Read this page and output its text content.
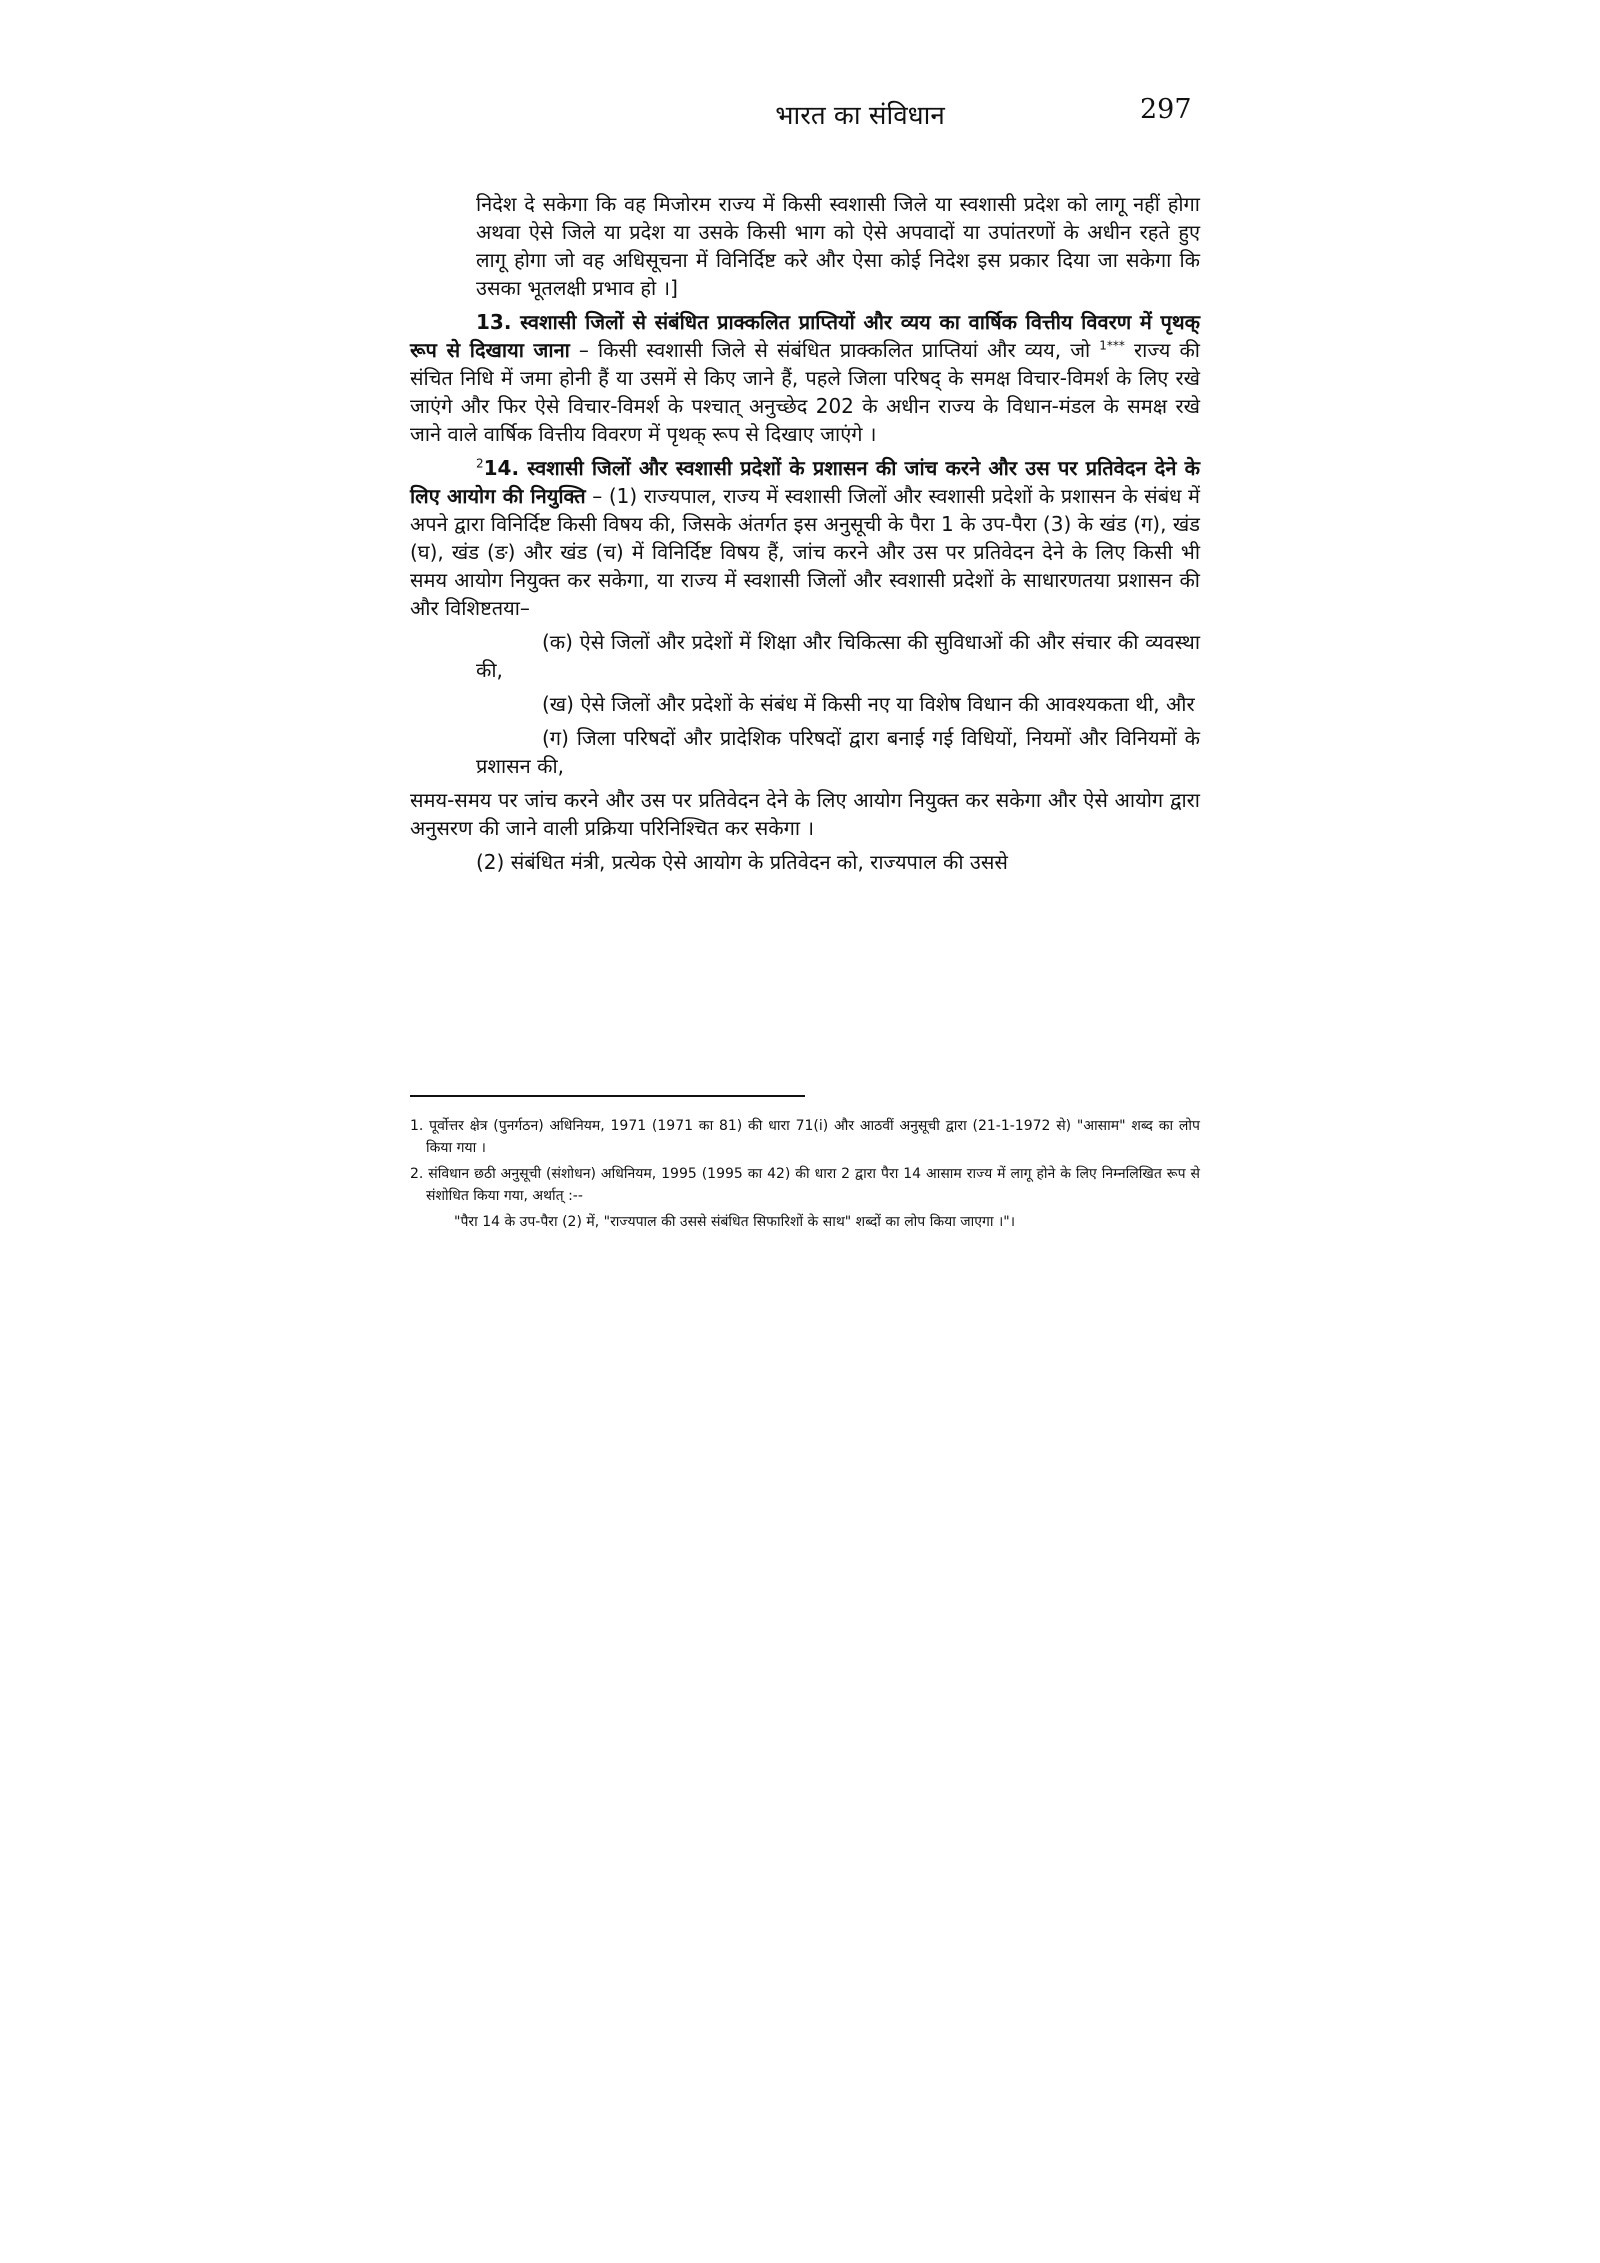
भारत का संविधान	297

निदेश दे सकेगा कि वह मिजोरम राज्य में किसी स्वशासी जिले या स्वशासी प्रदेश को लागू नहीं होगा अथवा ऐसे जिले या प्रदेश या उसके किसी भाग को ऐसे अपवादों या उपांतरणों के अधीन रहते हुए लागू होगा जो वह अधिसूचना में विनिर्दिष्ट करे और ऐसा कोई निदेश इस प्रकार दिया जा सकेगा कि उसका भूतलक्षी प्रभाव हो ।]

13. स्वशासी जिलों से संबंधित प्राक्कलित प्राप्तियों और व्यय का वार्षिक वित्तीय विवरण में पृथक् रूप से दिखाया जाना – किसी स्वशासी जिले से संबंधित प्राक्कलित प्राप्तियां और व्यय, जो $^{1***}$ राज्य की संचित निधि में जमा होनी हैं या उसमें से किए जाने हैं, पहले जिला परिषद् के समक्ष विचार-विमर्श के लिए रखे जाएंगे और फिर ऐसे विचार-विमर्श के पश्चात् अनुच्छेद 202 के अधीन राज्य के विधान-मंडल के समक्ष रखे जाने वाले वार्षिक वित्तीय विवरण में पृथक् रूप से दिखाए जाएंगे ।

$^2$14. स्वशासी जिलों और स्वशासी प्रदेशों के प्रशासन की जांच करने और उस पर प्रतिवेदन देने के लिए आयोग की नियुक्ति – (1) राज्यपाल, राज्य में स्वशासी जिलों और स्वशासी प्रदेशों के प्रशासन के संबंध में अपने द्वारा विनिर्दिष्ट किसी विषय की, जिसके अंतर्गत इस अनुसूची के पैरा 1 के उप-पैरा (3) के खंड (ग), खंड (घ), खंड (ङ) और खंड (च) में विनिर्दिष्ट विषय हैं, जांच करने और उस पर प्रतिवेदन देने के लिए किसी भी समय आयोग नियुक्त कर सकेगा, या राज्य में स्वशासी जिलों और स्वशासी प्रदेशों के साधारणतया प्रशासन की और विशिष्टतया–

(क) ऐसे जिलों और प्रदेशों में शिक्षा और चिकित्सा की सुविधाओं की और संचार की व्यवस्था की,

(ख) ऐसे जिलों और प्रदेशों के संबंध में किसी नए या विशेष विधान की आवश्यकता थी, और

(ग) जिला परिषदों और प्रादेशिक परिषदों द्वारा बनाई गई विधियों, नियमों और विनियमों के प्रशासन की,

समय-समय पर जांच करने और उस पर प्रतिवेदन देने के लिए आयोग नियुक्त कर सकेगा और ऐसे आयोग द्वारा अनुसरण की जाने वाली प्रक्रिया परिनिश्चित कर सकेगा ।

(2) संबंधित मंत्री, प्रत्येक ऐसे आयोग के प्रतिवेदन को, राज्यपाल की उससे

1. पूर्वोत्तर क्षेत्र (पुनर्गठन) अधिनियम, 1971 (1971 का 81) की धारा 71(i) और आठवीं अनुसूची द्वारा (21-1-1972 से) "आसाम" शब्द का लोप किया गया ।

2. संविधान छठी अनुसूची (संशोधन) अधिनियम, 1995 (1995 का 42) की धारा 2 द्वारा पैरा 14 आसाम राज्य में लागू होने के लिए निम्नलिखित रूप से संशोधित किया गया, अर्थात् :--

"पैरा 14 के उप-पैरा (2) में, "राज्यपाल की उससे संबंधित सिफारिशों के साथ" शब्दों का लोप किया जाएगा ।"।
